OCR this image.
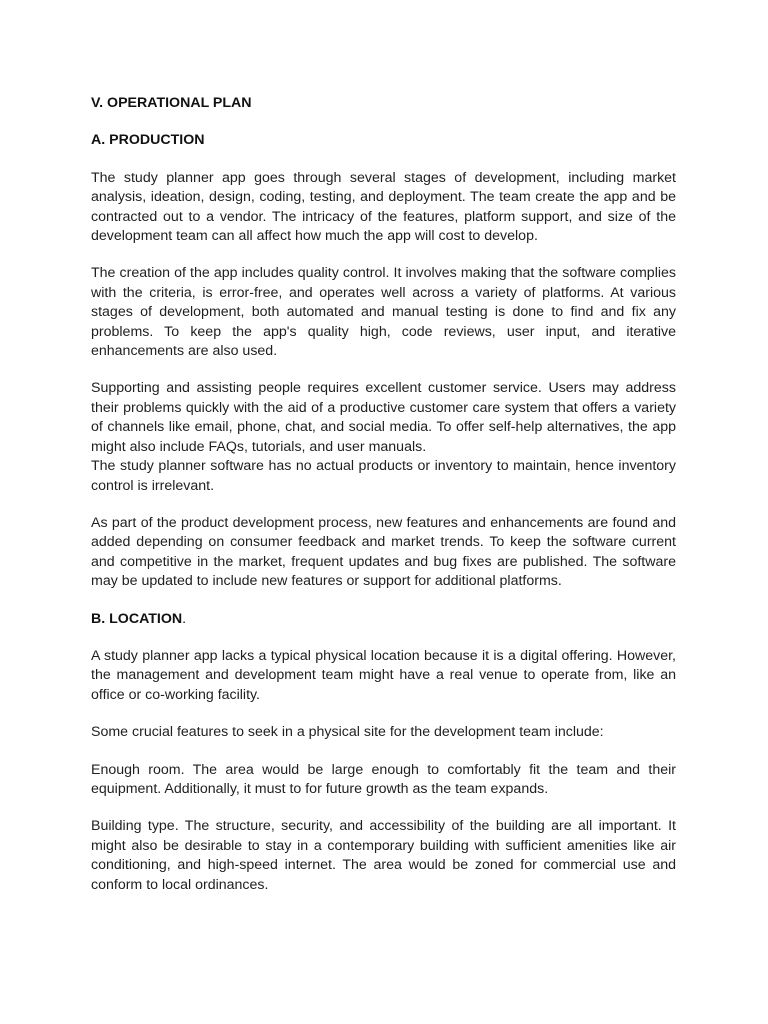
V. OPERATIONAL PLAN

A. PRODUCTION

The study planner app goes through several stages of development, including market analysis, ideation, design, coding, testing, and deployment. The team create the app and be contracted out to a vendor. The intricacy of the features, platform support, and size of the development team can all affect how much the app will cost to develop.

The creation of the app includes quality control. It involves making that the software complies with the criteria, is error-free, and operates well across a variety of platforms. At various stages of development, both automated and manual testing is done to find and fix any problems. To keep the app's quality high, code reviews, user input, and iterative enhancements are also used.

Supporting and assisting people requires excellent customer service. Users may address their problems quickly with the aid of a productive customer care system that offers a variety of channels like email, phone, chat, and social media. To offer self-help alternatives, the app might also include FAQs, tutorials, and user manuals.

The study planner software has no actual products or inventory to maintain, hence inventory control is irrelevant.

As part of the product development process, new features and enhancements are found and added depending on consumer feedback and market trends. To keep the software current and competitive in the market, frequent updates and bug fixes are published. The software may be updated to include new features or support for additional platforms.

B. LOCATION.

A study planner app lacks a typical physical location because it is a digital offering. However, the management and development team might have a real venue to operate from, like an office or co-working facility.

Some crucial features to seek in a physical site for the development team include:

Enough room. The area would be large enough to comfortably fit the team and their equipment. Additionally, it must to for future growth as the team expands.

Building type. The structure, security, and accessibility of the building are all important. It might also be desirable to stay in a contemporary building with sufficient amenities like air conditioning, and high-speed internet. The area would be zoned for commercial use and conform to local ordinances.
